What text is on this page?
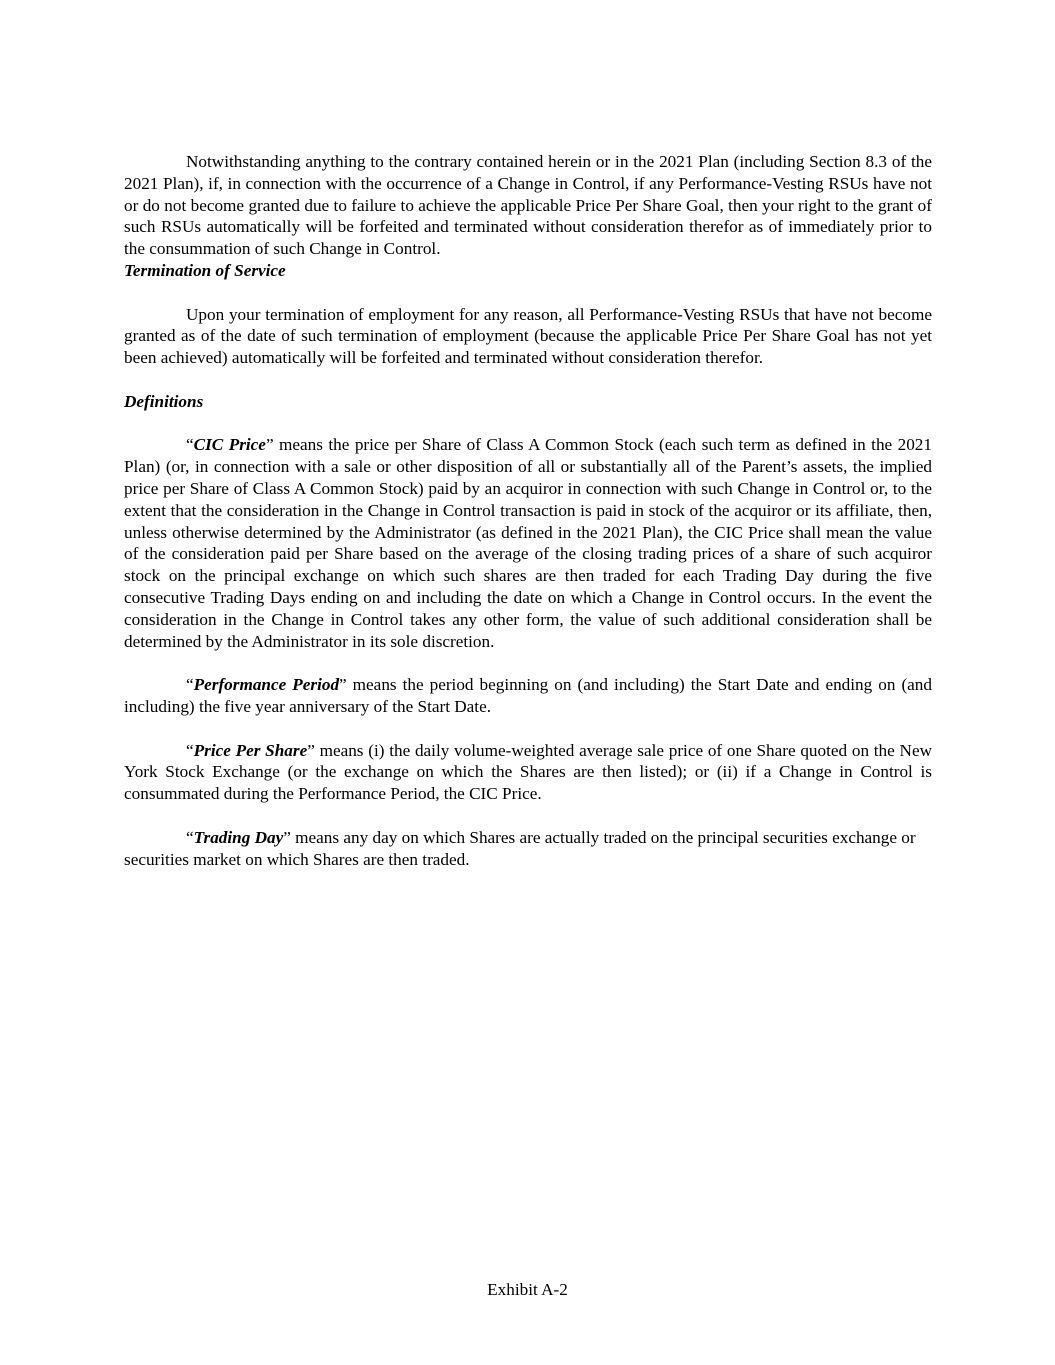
Notwithstanding anything to the contrary contained herein or in the 2021 Plan (including Section 8.3 of the 2021 Plan), if, in connection with the occurrence of a Change in Control, if any Performance-Vesting RSUs have not or do not become granted due to failure to achieve the applicable Price Per Share Goal, then your right to the grant of such RSUs automatically will be forfeited and terminated without consideration therefor as of immediately prior to the consummation of such Change in Control.

Termination of Service

Upon your termination of employment for any reason, all Performance-Vesting RSUs that have not become granted as of the date of such termination of employment (because the applicable Price Per Share Goal has not yet been achieved) automatically will be forfeited and terminated without consideration therefor.

Definitions

“CIC Price” means the price per Share of Class A Common Stock (each such term as defined in the 2021 Plan) (or, in connection with a sale or other disposition of all or substantially all of the Parent’s assets, the implied price per Share of Class A Common Stock) paid by an acquiror in connection with such Change in Control or, to the extent that the consideration in the Change in Control transaction is paid in stock of the acquiror or its affiliate, then, unless otherwise determined by the Administrator (as defined in the 2021 Plan), the CIC Price shall mean the value of the consideration paid per Share based on the average of the closing trading prices of a share of such acquiror stock on the principal exchange on which such shares are then traded for each Trading Day during the five consecutive Trading Days ending on and including the date on which a Change in Control occurs. In the event the consideration in the Change in Control takes any other form, the value of such additional consideration shall be determined by the Administrator in its sole discretion.

“Performance Period” means the period beginning on (and including) the Start Date and ending on (and including) the five year anniversary of the Start Date.

“Price Per Share” means (i) the daily volume-weighted average sale price of one Share quoted on the New York Stock Exchange (or the exchange on which the Shares are then listed); or (ii) if a Change in Control is consummated during the Performance Period, the CIC Price.

“Trading Day” means any day on which Shares are actually traded on the principal securities exchange or securities market on which Shares are then traded.

Exhibit A-2
